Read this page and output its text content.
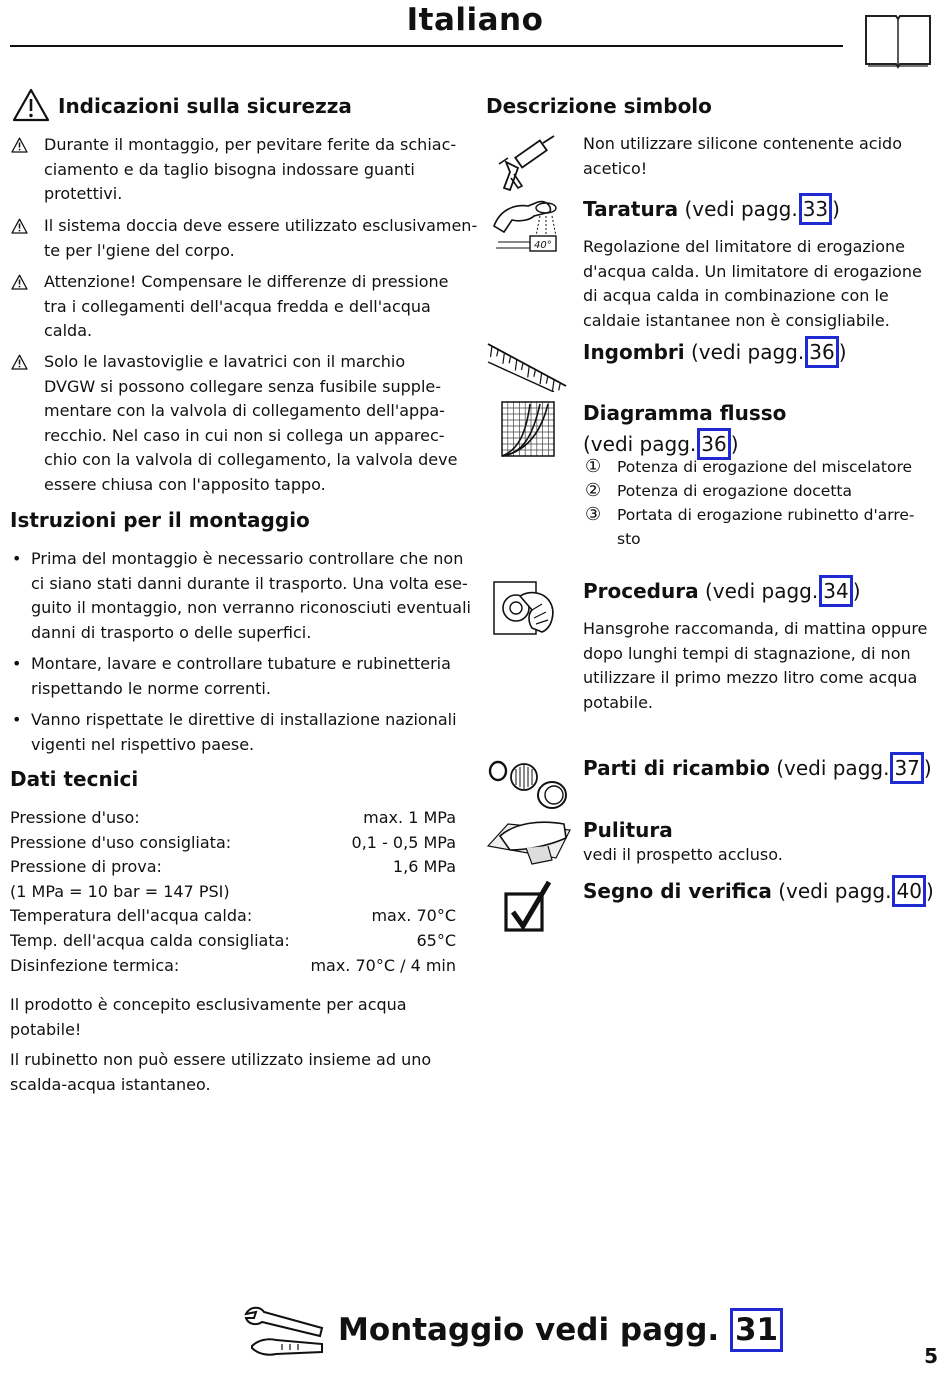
Italiano
Indicazioni sulla sicurezza
Durante il montaggio, per pevitare ferite da schiac-
ciamento e da taglio bisogna indossare guanti
protettivi.
Il sistema doccia deve essere utilizzato esclusivamen-
te per l'giene del corpo.
Attenzione! Compensare le differenze di pressione
tra i collegamenti dell'acqua fredda e dell'acqua
calda.
Solo le lavastoviglie e lavatrici con il marchio
DVGW si possono collegare senza fusibile supple-
mentare con la valvola di collegamento dell'appa-
recchio. Nel caso in cui non si collega un apparec-
chio con la valvola di collegamento, la valvola deve
essere chiusa con l'apposito tappo.
Istruzioni per il montaggio
• Prima del montaggio è necessario controllare che non
ci siano stati danni durante il trasporto. Una volta ese-
guito il montaggio, non verranno riconosciuti eventuali
danni di trasporto o delle superfici.
• Montare, lavare e controllare tubature e rubinetteria
rispettando le norme correnti.
• Vanno rispettate le direttive di installazione nazionali
vigenti nel rispettivo paese.
Dati tecnici
Pressione d'uso:	max. 1 MPa
Pressione d'uso consigliata:	0,1 - 0,5 MPa
Pressione di prova:	1,6 MPa
(1 MPa = 10 bar = 147 PSI)
Temperatura dell'acqua calda:	max. 70°C
Temp. dell'acqua calda consigliata:	65°C
Disinfezione termica:	max. 70°C / 4 min
Il prodotto è concepito esclusivamente per acqua
potabile!
Il rubinetto non può essere utilizzato insieme ad uno
scalda-acqua istantaneo.
Descrizione simbolo
Non utilizzare silicone contenente acido
acetico!
40°
Taratura (vedi pagg. 33 )
Regolazione del limitatore di erogazione
d'acqua calda. Un limitatore di erogazione
di acqua calda in combinazione con le
caldaie istantanee non è consigliabile.
Ingombri (vedi pagg. 36 )
Diagramma flusso
(vedi pagg. 36 )
① Potenza di erogazione del miscelatore
② Potenza di erogazione docetta
③ Portata di erogazione rubinetto d'arre-
sto
Procedura (vedi pagg. 34 )
Hansgrohe raccomanda, di mattina oppure
dopo lunghi tempi di stagnazione, di non
utilizzare il primo mezzo litro come acqua
potabile.
Parti di ricambio (vedi pagg. 37 )
Pulitura
vedi il prospetto accluso.
Segno di verifica (vedi pagg. 40 )
Montaggio vedi pagg. 31
5
